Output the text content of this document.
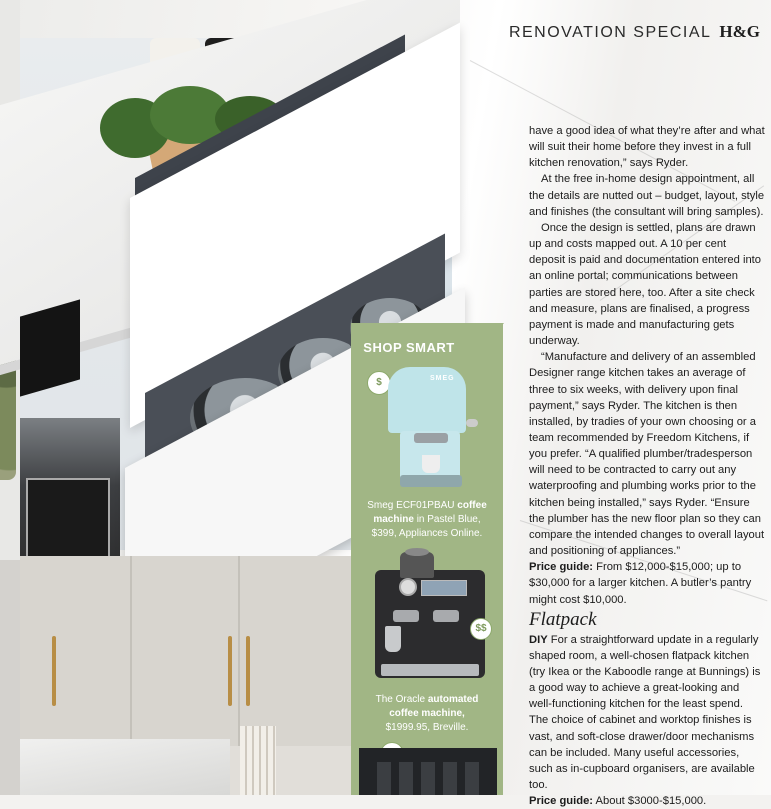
SHOP SMART
$	SMEG
Smeg ECF01PBAU coffee machine in Pastel Blue,
$399, Appliances Online.
$$
The Oracle automated coffee machine,
$1999.95, Breville.
RENOVATION SPECIAL H&G

have a good idea of what they’re after and what will suit their home before they invest in a full kitchen renovation,” says Ryder.

At the free in-home design appointment, all the details are nutted out – budget, layout, style and finishes (the consultant will bring samples).

Once the design is settled, plans are drawn up and costs mapped out. A 10 per cent deposit is paid and documentation entered into an online portal; communications between parties are stored here, too. After a site check and measure, plans are finalised, a progress payment is made and manufacturing gets underway.

“Manufacture and delivery of an assembled Designer range kitchen takes an average of three to six weeks, with delivery upon final payment,” says Ryder. The kitchen is then installed, by tradies of your own choosing or a team recommended by Freedom Kitchens, if you prefer. “A qualified plumber/tradesperson will need to be contracted to carry out any waterproofing and plumbing works prior to the kitchen being installed,” says Ryder. “Ensure the plumber has the new floor plan so they can compare the intended changes to overall layout and positioning of appliances.”

Price guide: From $12,000-$15,000; up to $30,000 for a larger kitchen. A butler’s pantry might cost $10,000.

Flatpack

DIY For a straightforward update in a regularly shaped room, a well-chosen flatpack kitchen (try Ikea or the Kaboodle range at Bunnings) is a good way to achieve a great-looking and well-functioning kitchen for the least spend. The choice of cabinet and worktop finishes is vast, and soft-close drawer/door mechanisms can be included. Many useful accessories, such as in-cupboard organisers, are available too.

Price guide: About $3000-$15,000.
